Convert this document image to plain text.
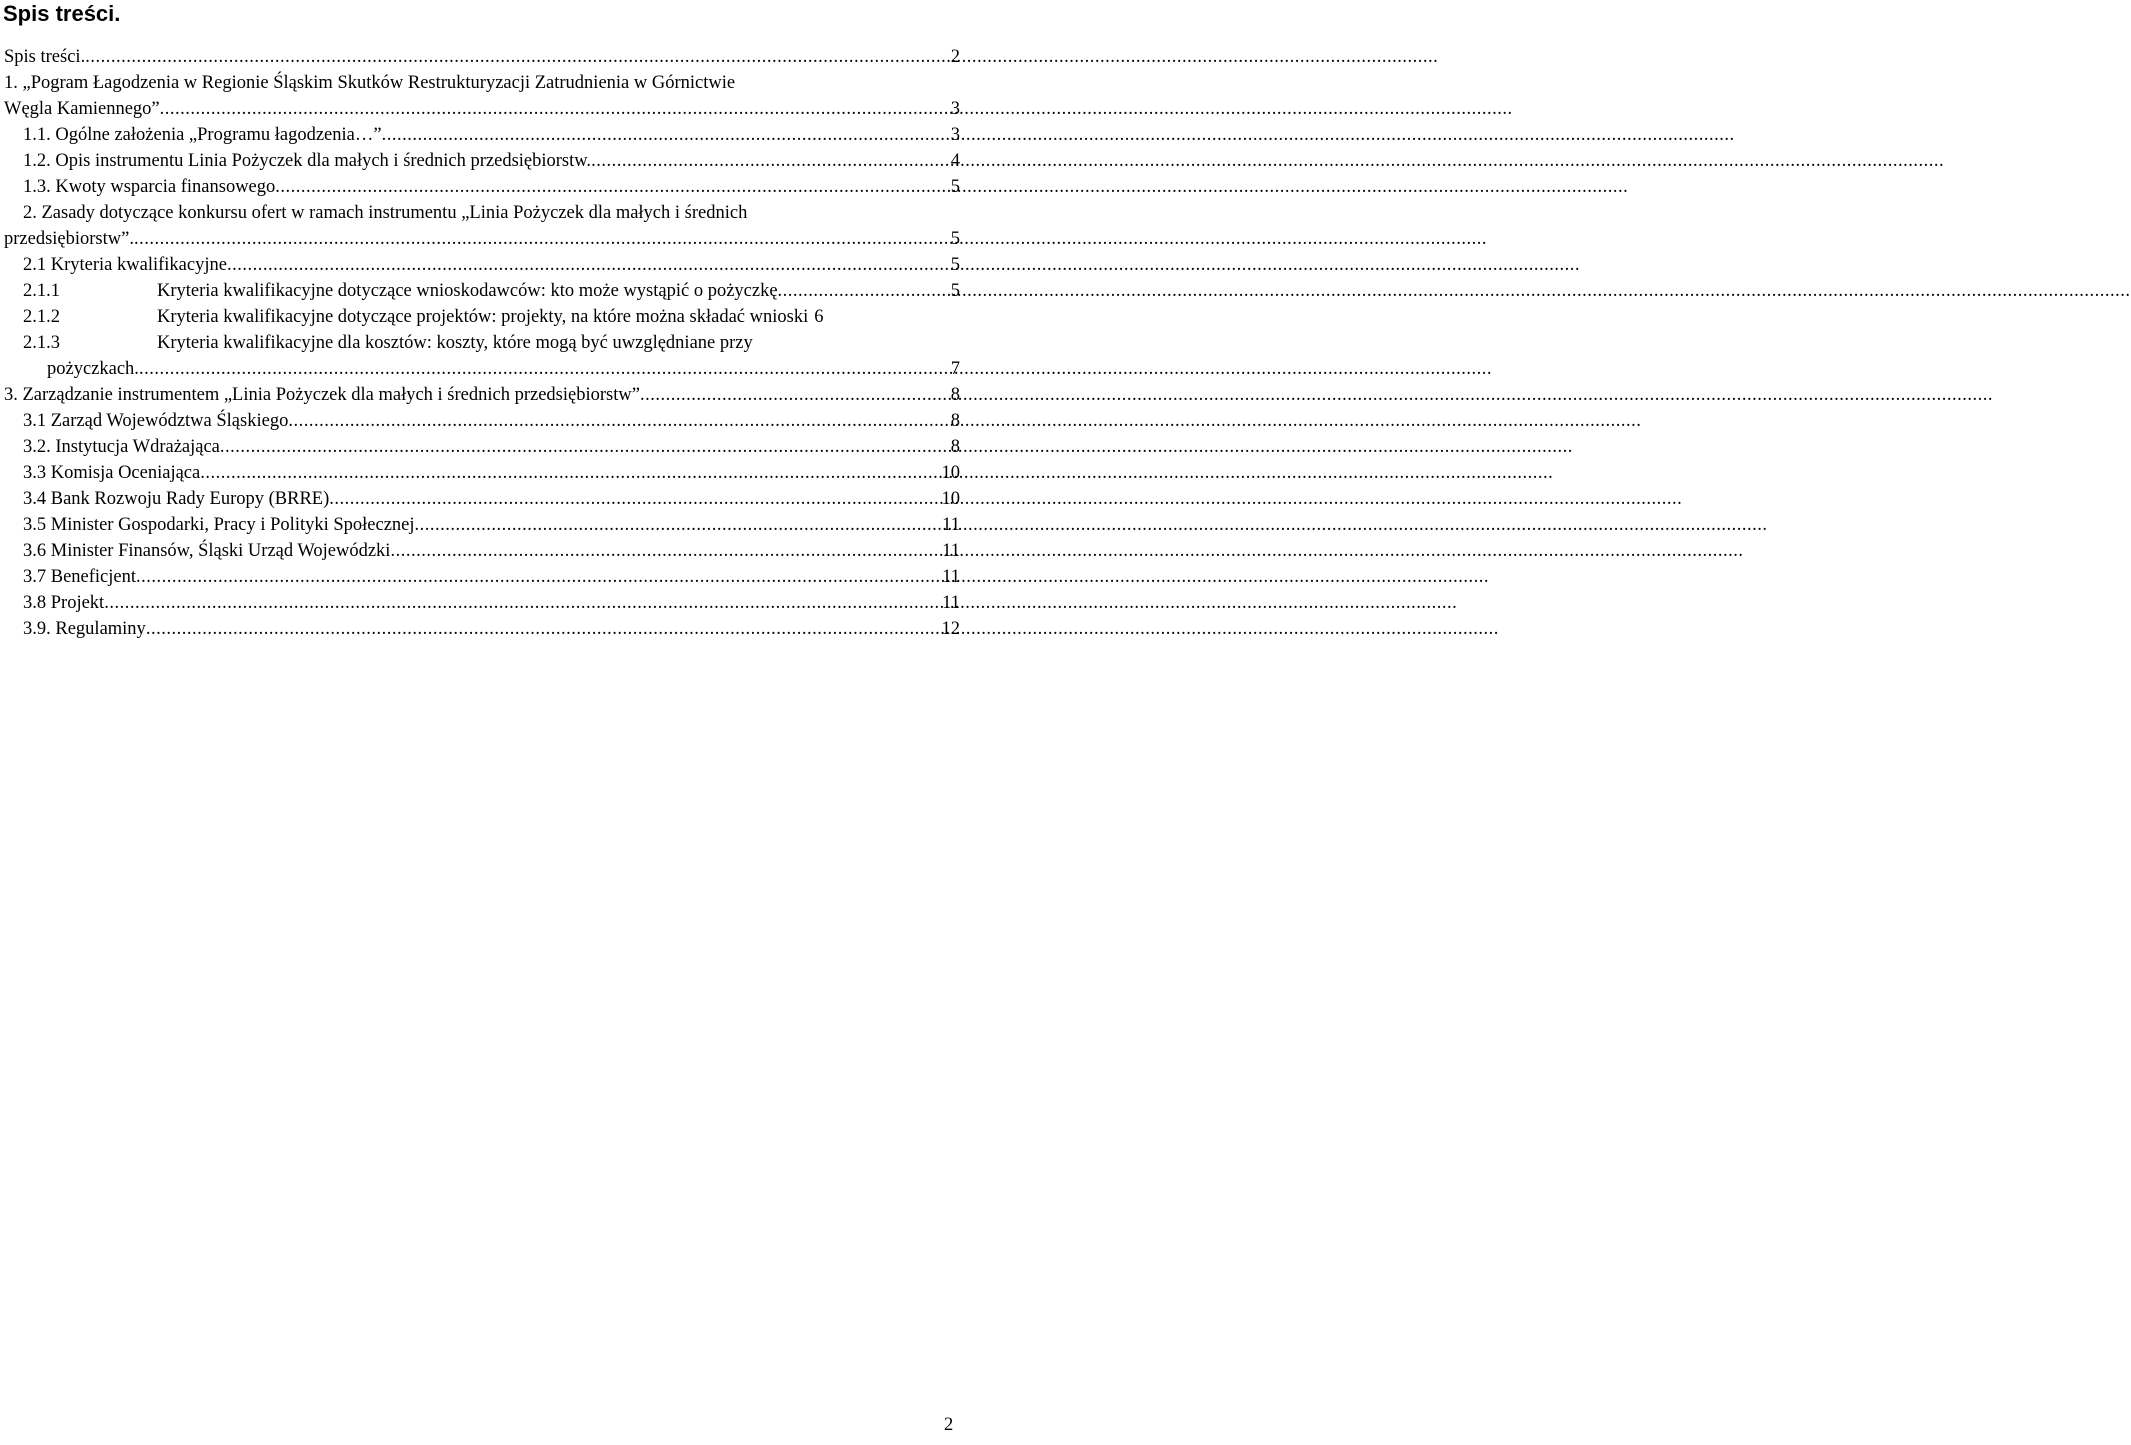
Spis treści.
Spis treści. .....	2
1. „Pogram Łagodzenia w Regionie Śląskim Skutków Restrukturyzacji Zatrudnienia w Górnictwie
Węgla Kamiennego” .....	3
1.1. Ogólne założenia „Programu łagodzenia…” .....	3
1.2. Opis instrumentu Linia Pożyczek dla małych i średnich przedsiębiorstw. .....	4
1.3. Kwoty wsparcia finansowego .....	5
2. Zasady dotyczące konkursu ofert w ramach instrumentu „Linia Pożyczek dla małych i średnich
przedsiębiorstw”. .....	5
2.1 Kryteria kwalifikacyjne .....	5
2.1.1	Kryteria kwalifikacyjne dotyczące wnioskodawców: kto może wystąpić o pożyczkę .....	5
2.1.2	Kryteria kwalifikacyjne dotyczące projektów: projekty, na które można składać wnioski 6
2.1.3	Kryteria kwalifikacyjne dla kosztów: koszty, które mogą być uwzględniane przy
pożyczkach. .....	7
3. Zarządzanie instrumentem „Linia Pożyczek dla małych i średnich przedsiębiorstw” .....	8
3.1 Zarząd Województwa Śląskiego .....	8
3.2. Instytucja Wdrażająca .....	8
3.3 Komisja Oceniająca .....	10
3.4 Bank Rozwoju Rady Europy (BRRE) .....	10
3.5 Minister Gospodarki, Pracy i Polityki Społecznej .....	11
3.6 Minister Finansów, Śląski Urząd Wojewódzki .....	11
3.7 Beneficjent .....	11
3.8 Projekt .....	11
3.9. Regulaminy .....	12
2
